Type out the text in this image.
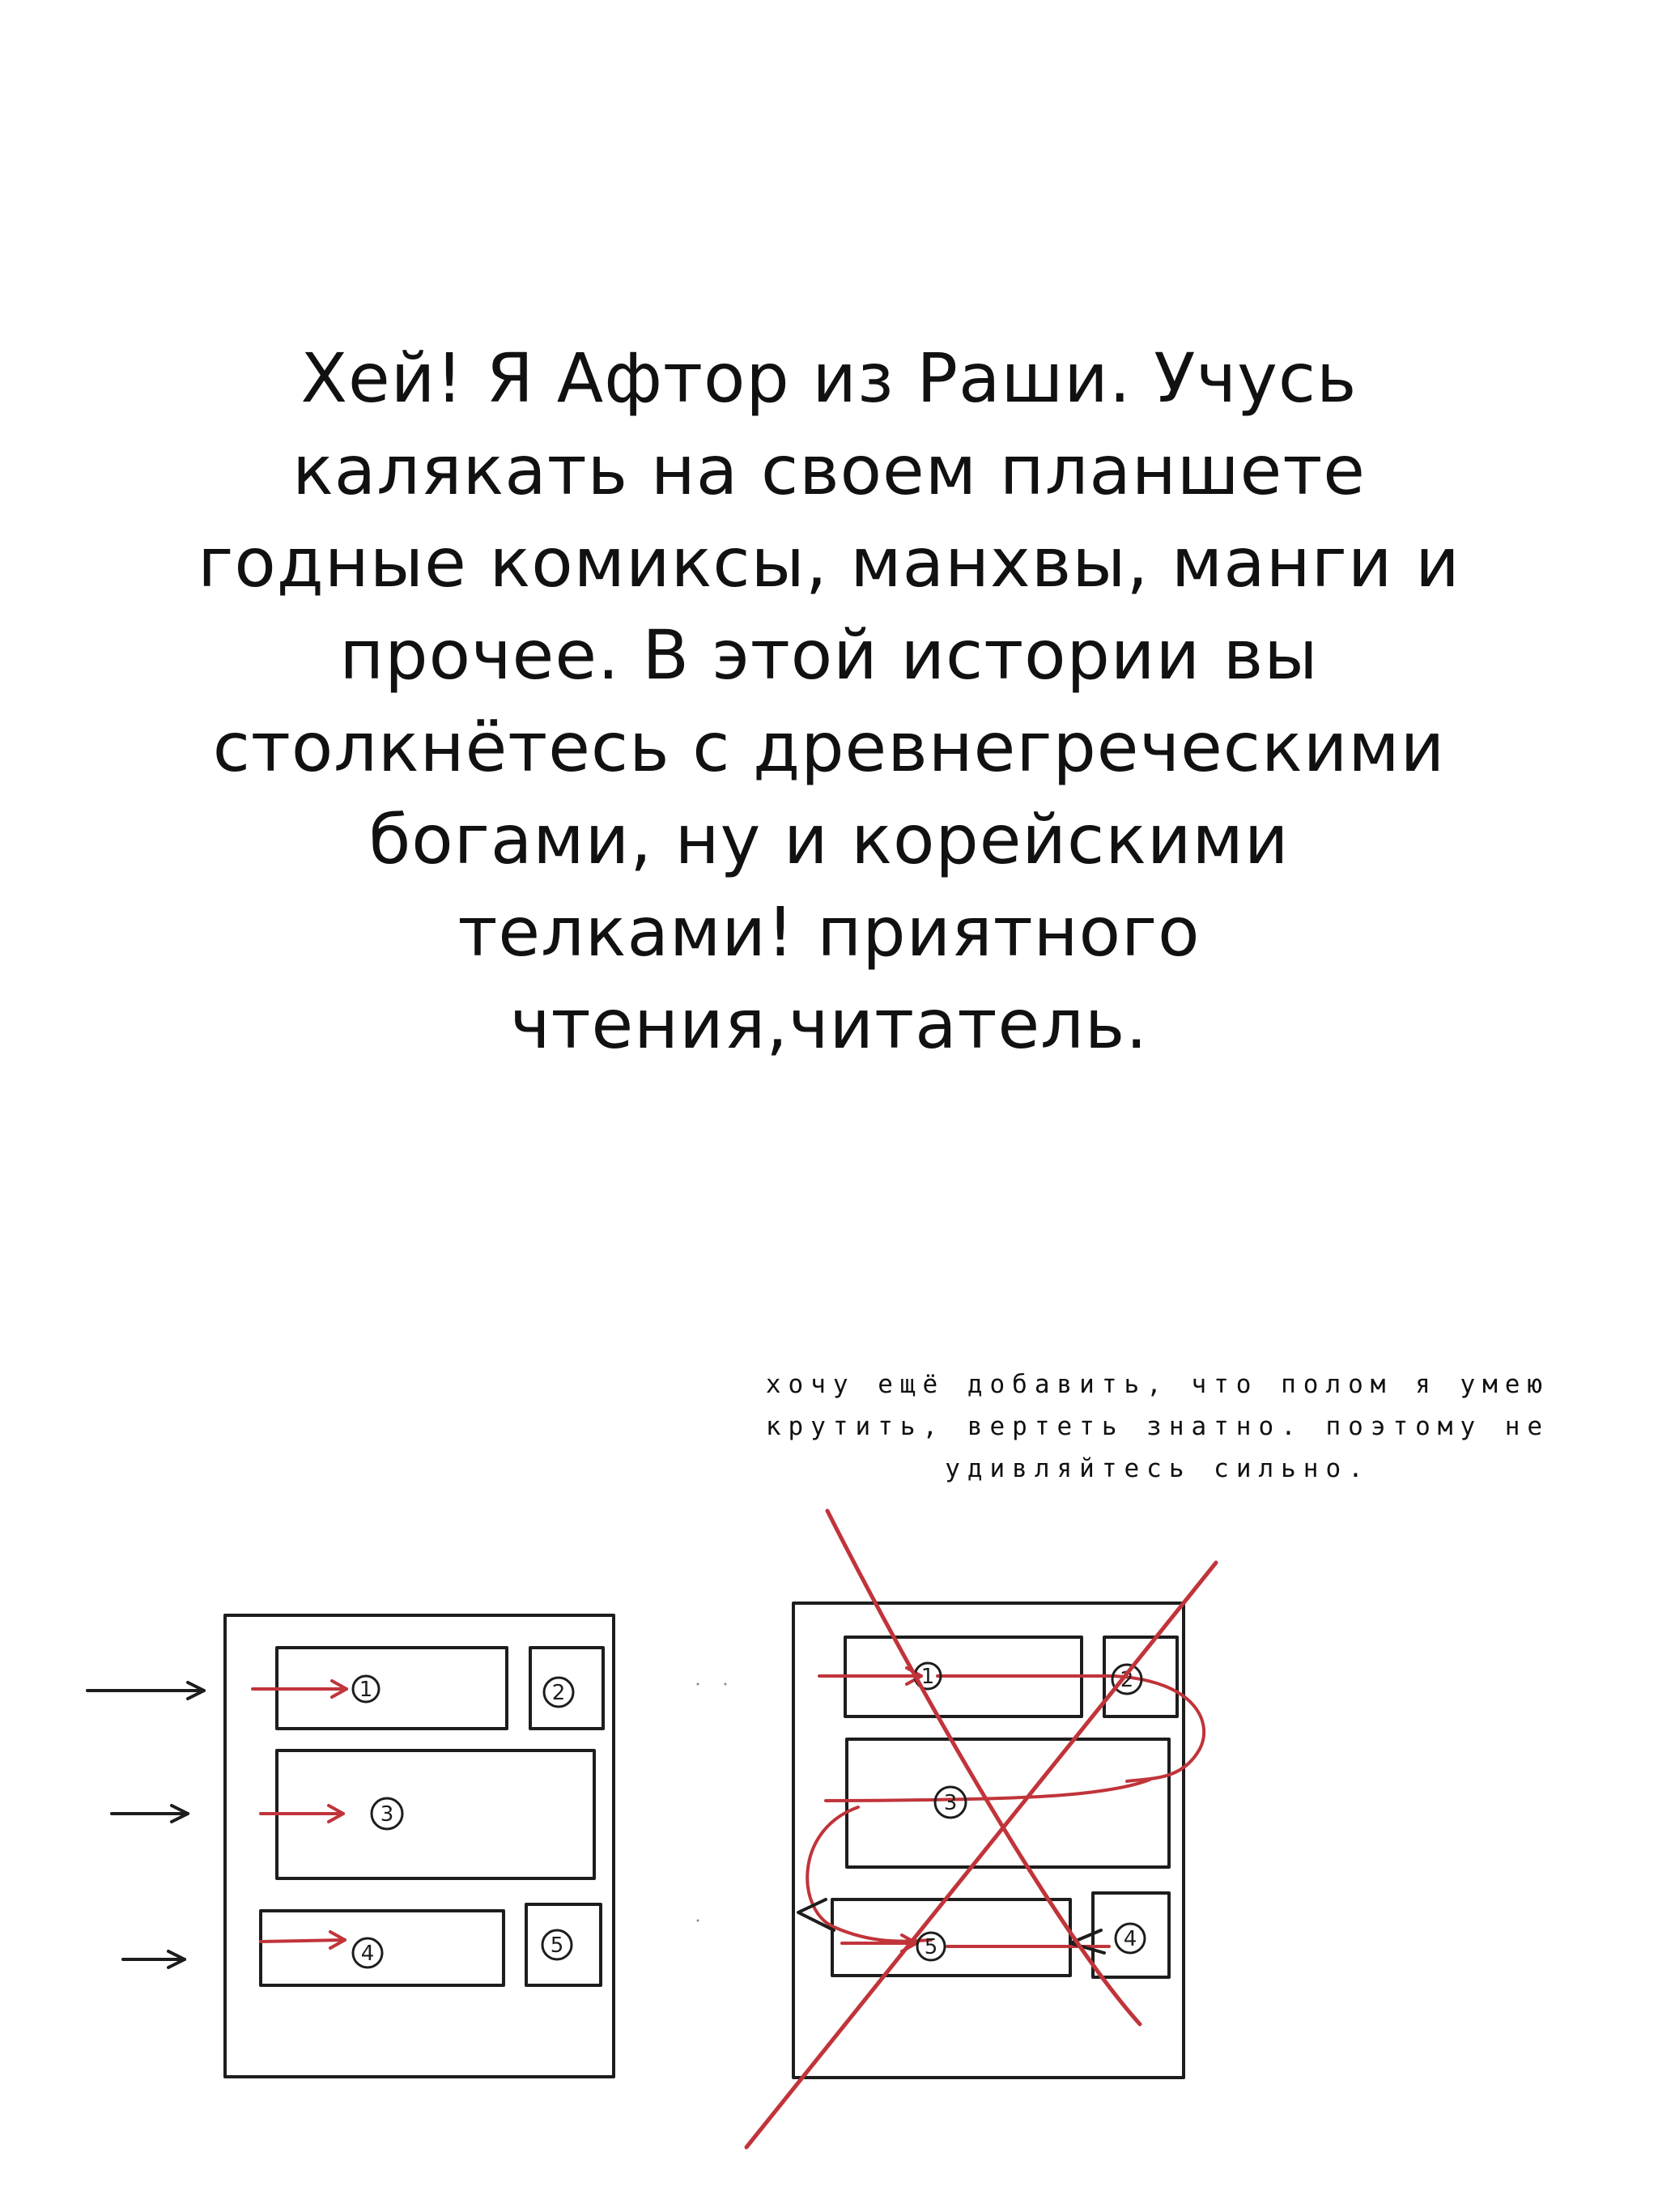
Хей! Я Афтор из Раши. Учусь
калякать на своем планшете
годные комиксы, манхвы, манги и
прочее. В этой истории вы
столкнётесь с древнегреческими
богами, ну и корейскими
телками! приятного
чтения,читатель.
хочу ещё добавить, что полом я умею
крутить, вертеть знатно. поэтому не
удивляйтесь сильно.
1	2
3
4	5
1	2
3
5	4
